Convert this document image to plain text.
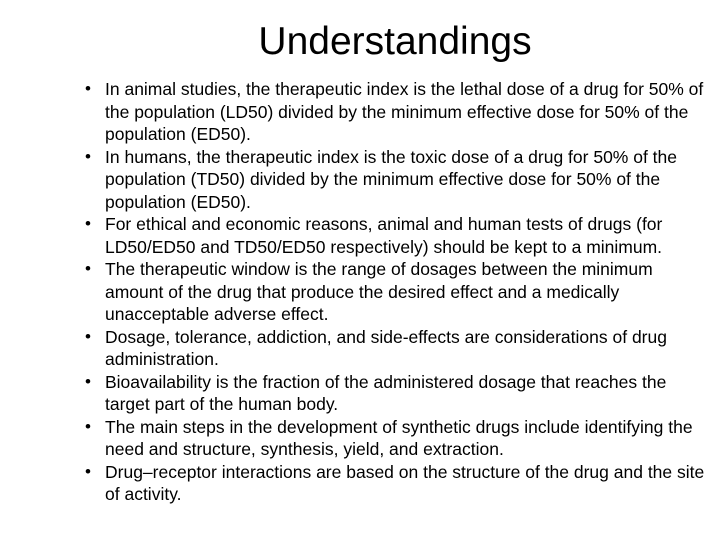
Understandings
• In animal studies, the therapeutic index is the lethal dose of a drug for 50% of the population (LD50) divided by the minimum effective dose for 50% of the population (ED50).
• In humans, the therapeutic index is the toxic dose of a drug for 50% of the population (TD50) divided by the minimum effective dose for 50% of the population (ED50).
• For ethical and economic reasons, animal and human tests of drugs (for LD50/ED50 and TD50/ED50 respectively) should be kept to a minimum.
• The therapeutic window is the range of dosages between the minimum amount of the drug that produce the desired effect and a medically unacceptable adverse effect.
• Dosage, tolerance, addiction, and side-effects are considerations of drug administration.
• Bioavailability is the fraction of the administered dosage that reaches the target part of the human body.
• The main steps in the development of synthetic drugs include identifying the need and structure, synthesis, yield, and extraction.
• Drug–receptor interactions are based on the structure of the drug and the site of activity.
